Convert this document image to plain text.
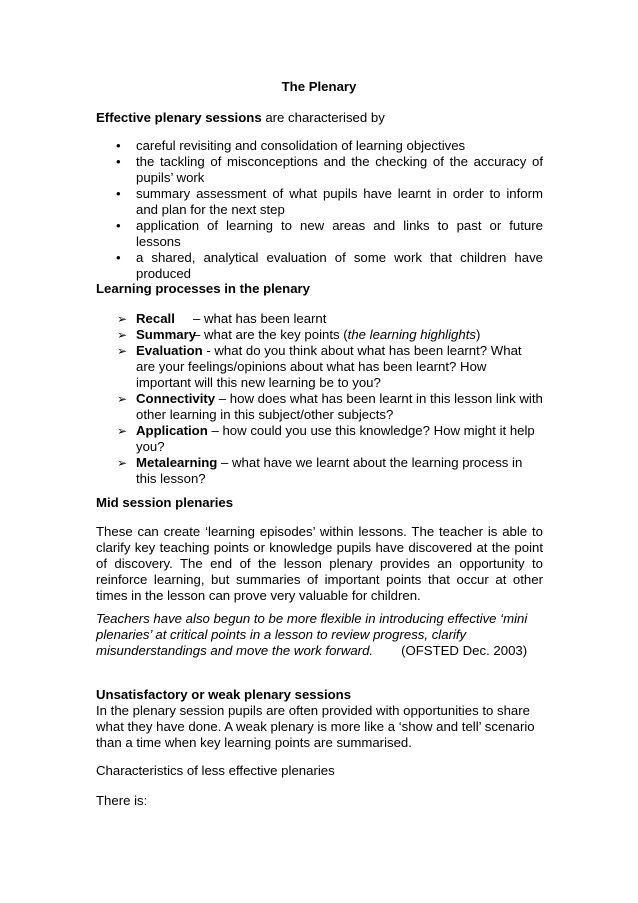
The Plenary
Effective plenary sessions are characterised by
• careful revisiting and consolidation of learning objectives
• the tackling of misconceptions and the checking of the accuracy of pupils’ work
• summary assessment of what pupils have learnt in order to inform and plan for the next step
• application of learning to new areas and links to past or future lessons
• a shared, analytical evaluation of some work that children have produced
Learning processes in the plenary
➢ Recall – what has been learnt
➢ Summary– what are the key points (the learning highlights)
➢ Evaluation - what do you think about what has been learnt? What are your feelings/opinions about what has been learnt? How important will this new learning be to you?
➢ Connectivity – how does what has been learnt in this lesson link with other learning in this subject/other subjects?
➢ Application – how could you use this knowledge? How might it help you?
➢ Metalearning – what have we learnt about the learning process in this lesson?
Mid session plenaries
These can create ‘learning episodes’ within lessons. The teacher is able to clarify key teaching points or knowledge pupils have discovered at the point of discovery. The end of the lesson plenary provides an opportunity to reinforce learning, but summaries of important points that occur at other times in the lesson can prove very valuable for children.
Teachers have also begun to be more flexible in introducing effective ‘mini plenaries’ at critical points in a lesson to review progress, clarify misunderstandings and move the work forward. (OFSTED Dec. 2003)
Unsatisfactory or weak plenary sessions
In the plenary session pupils are often provided with opportunities to share what they have done. A weak plenary is more like a ‘show and tell’ scenario than a time when key learning points are summarised.
Characteristics of less effective plenaries
There is:
